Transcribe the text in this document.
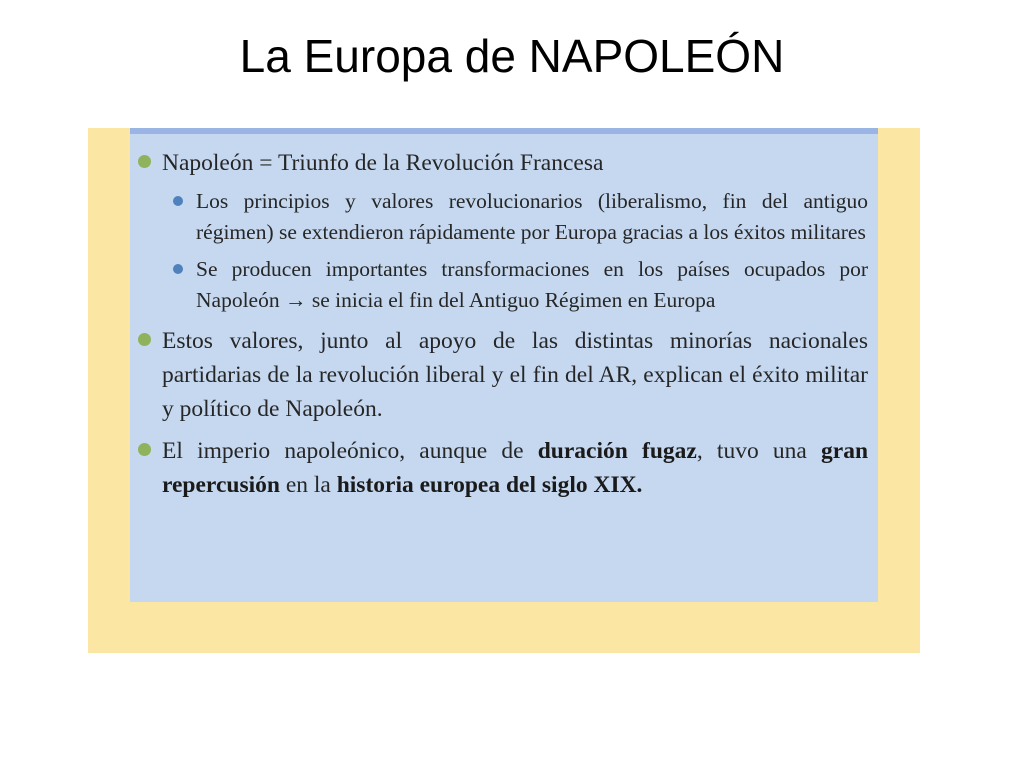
La Europa de NAPOLEÓN
Napoleón = Triunfo de la Revolución Francesa
Los principios y valores revolucionarios (liberalismo, fin del antiguo régimen) se extendieron rápidamente por Europa gracias a los éxitos militares
Se producen importantes transformaciones en los países ocupados por Napoleón → se inicia el fin del Antiguo Régimen en Europa
Estos valores, junto al apoyo de las distintas minorías nacionales partidarias de la revolución liberal y el fin del AR, explican el éxito militar y político de Napoleón.
El imperio napoleónico, aunque de duración fugaz, tuvo una gran repercusión en la historia europea del siglo XIX.
